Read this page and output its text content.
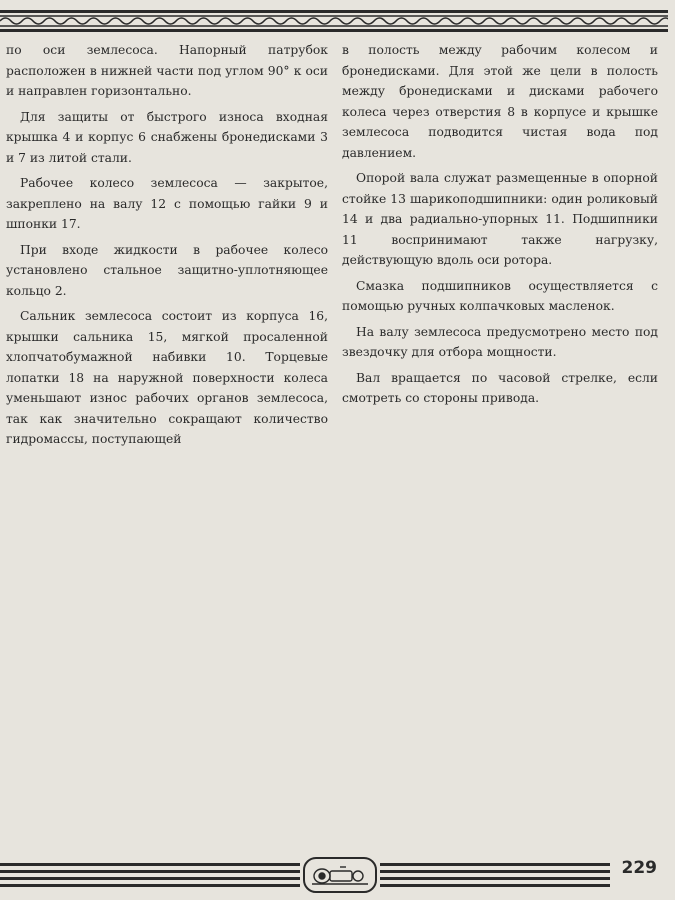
по оси землесоса. Напорный патрубок расположен в нижней части под углом 90° к оси и направлен горизонтально.

Для защиты от быстрого износа входная крышка 4 и корпус 6 снабжены бронедисками 3 и 7 из литой стали.

Рабочее колесо землесоса — закрытое, закреплено на валу 12 с помощью гайки 9 и шпонки 17.

При входе жидкости в рабочее колесо установлено стальное защитно-уплотняющее кольцо 2.

Сальник землесоса состоит из корпуса 16, крышки сальника 15, мягкой просаленной хлопчатобумажной набивки 10. Торцевые лопатки 18 на наружной поверхности колеса уменьшают износ рабочих органов землесоса, так как значительно сокращают количество гидромассы, поступающей

в полость между рабочим колесом и бронедисками. Для этой же цели в полость между бронедисками и дисками рабочего колеса через отверстия 8 в корпусе и крышке землесоса подводится чистая вода под давлением.

Опорой вала служат размещенные в опорной стойке 13 шарикоподшипники: один роликовый 14 и два радиально-упорных 11. Подшипники 11 воспринимают также нагрузку, действующую вдоль оси ротора.

Смазка подшипников осуществляется с помощью ручных колпачковых масленок.

На валу землесоса предусмотрено место под звездочку для отбора мощности.

Вал вращается по часовой стрелке, если смотреть со стороны привода.

229
